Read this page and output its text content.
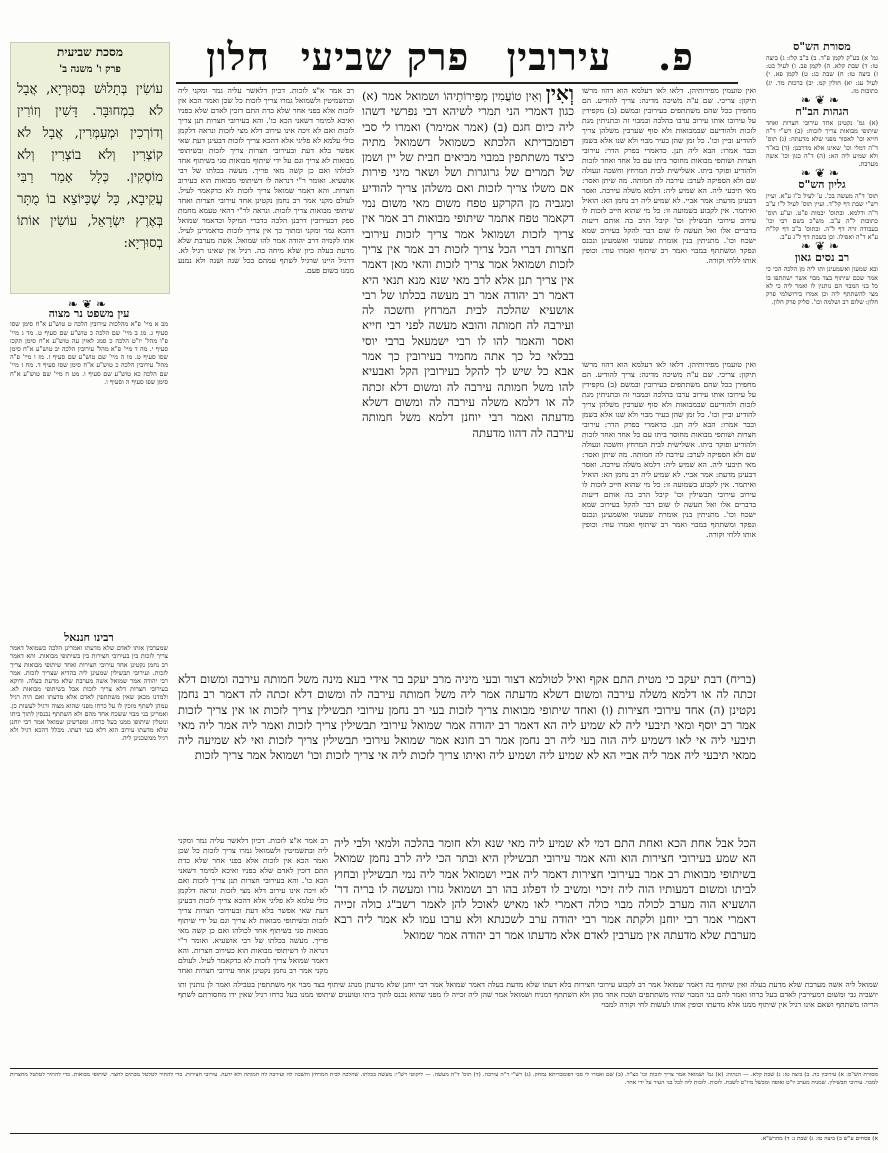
חלון פרק שביעי עירובין	פ.	מסורת הש"ס

גמ' א) בע"ק לקמן פ"ד. ב) ב"ב קלז: ג) ביצה טז: ד) שבת קלא. ה) לקמן פב. ו) לעיל כט: ז) ביצה טז: ח) שבת כג: ט) לקמן פא. י) לעיל עג: יא) חולין קמ. יב) ברכות מד. יג) כתובות מז.

❧❦❧
הגהות הב"ח

(א) גמ' נקטינן אחד עירובי חצרות ואחד שיתופי מבואות צריך לזכות: (ב) רש"י ד"ה חייא וכו' לאסור מפני שלא מדעתה: (ג) תוס' ד"ה דמלי וכו' שאינו אלא מדרבנן: (ד) בא"ד ולא שמיע ליה הא: (ה) ד"ה כגון וכו' אשה מערבת.

❧❦❧
גליון הש"ס

תוס' ד"ה מעשה בכ'. ע' לעיל כ"ו ע"א. ועיין רש"י שבת דף קל"ד. ועיין תוס' לעיל ל"ו ע"ב ד"ה ודלמא. ובתוס' יבמות פ"ט. וע"ע תוס' כתובות ל"ה ע"ב. מש"כ בשם רבי וכו' בעבודה זרה דף ל"ה. ובתוס' ב"ב דף קל"ח ע"א ד"ה ואפילו. וכן בשבת דף ל"ג ע"ב.

❧❦❧
רב נסים גאון

ובא שמעון ואשמעינן ותו ליה מן הלכה הכי כי אמר שכם שיתוף בצד מבוי אשר ישתתפו בו כל בני המבוי הם נותנין לו ואמר ליה כי לא מצי להשתתף ליה וכן אמרו בירושלמי פרק חלון: שלום רב ושלמה וכו'. סליק פרק חלון.

ואין טועמין מפירותיהן. דלאו לאו דעלמא הוא דהוו מרשו תיקון: צריכי. שם ע"ה משיכה מדינה: צריך להודיע. הם מחפירן ככל שהם משתתפים בעירובין ובמשם (ב) מקפידין על עירובו אותו עירוב ערבו בהלכה ובמבוי זה ובתניתין מנת לזכות ולהודיעם שבמבואות ולא סוף שערבין משלהן צריך להודיע וביין וכו'. כל זמן שהן בעיר מבוי ולא שנו אלא בשמן וכבר אמרו: הבא ליה תנן. כדאמרי בפרק הדר: עירובי חצרות ושותפי מבואות מחוסר ביתו עם כל אחד ואחד לזכות ולהודיע ופוקר ביתו. אשלישית לבית המרחץ וחשכה ונעולה שם ולא הספיקה לערב: עירבה לה חמותה. מה שיתן ואסר: מאי תיבעי ליה. הא שמיע ליה: דלמא משלה עירבה. ואסר דבעינן מדעת: אמר אביי. לא שמיע ליה רב נחמן הא: הואיל ואיתמר. אין לקבוע בשמועה זו: כל מי שהוא חייב לזכות לו עירוב עירובי תבשילין וכו' קיבל הרב בה אותם דיעות בדברים אלו ואל תעשה לו שום דבר להקל בעירוב שמא ישכח וכו'. מתניתין בנין אומרת שמעוני ואשמעינן ונכנס ונפקד ומשתתף במבוי ואמר רב שיתוף ואמרו עוד: וכופין אותו ללחי וקורה.

רב אמר א"צ לזכות. דכיון דלאשר עליה גמר ומקני ליה ובתשמיטין ולשמואל גמרו צריך לזכות כל שכן ואמר הכא אין לזכות אלא בפני אחר שלא כדת התם דזכין לאדם שלא בפניו ואיכא למימר דשאני הכא כו'. והא בעירובי חצרות תנן צריך לזכות ואם לא זיכה אינו עירוב דלא מצי לזכות ונראה דלקמן כולי עלמא לא פליגי אלא דהכא צריך לזכות דבעינן דעת שאי אפשר בלא דעת ובעירובי חצרות צריך לזכות ובשיתופי מבואות לא צריך וגם על ידי שיתוף מבואות סגי בשיתוף אחד לכולהו ואם כן קשה מאי פריך. מעשה בכלתו של רבי אושעיא. ואומר ר"י דנראה לו דשיתופי מבואות הוא כעירוב חצרות. והא דאמר שמואל צריך לזכות לא כדקאמר לעיל. לעולם מקני אמר רב נחמן נקטינן אחד עירובי חצרות ואחד שיתופי מבואות צריך לזכות. ונראה לר"י דהאי טעמא מחמת ספק דבעירובין דרבנן הלכה כדברי המיקל וכדאמר שמואל דהכא גמר ומקני ומתוך כך אין צריך לזכות כדאמרינן לעיל. אתו לקמיה דרב יהודה אמר להו שמואל. אשה מערבת שלא מדעת בעלה כיון שלא מיחה בה. רגיל אין שאינו רגיל לא. דרגיל היינו שרגיל לשתף עמהם בכל שנה ושנה ולא נמנע ממנו בשום פעם.

וְאִין וְאִין טוֹעֲמִין מְפִירוֹתֵיהוֹ ושמואל אמר (א) כגון דאמרי הני תמרי לשיהא דבי נפרשי דשהו ליה כיום חגם (ב) (אמר אמימר) ואמרו לי סבי דפומבדיתא הלכתא כשמואל דשמואל מתיה כיצד משתתפין במבוי מביאים חבית של יין ושמן של תמרים של גרוגרות ושל ושאר מיני פירות אם משלו צריך לזכות ואם משלהן צריך להודיע ומגביה מן הקרקע טפח משום מאי משום נמי דקאמר טפח אתמר שיתופי מבואות רב אמר אין צריך לזכות ושמואל אמר צריך לזכות עירובי חצרות דברי הכל צריך לזכות רב אמר אין צריך לזכות ושמואל אמר צריך לזכות והאי מאן דאמר אין צריך תנן אלא לרב מאי שנא מנא תנאי היא דאמר רב יהודה אמר רב מעשה בכלתו של רבי אושעיא שהלכה לבית המרחץ וחשכה לה ועירבה לה חמותה והובא מעשה לפני רבי חייא ואסר והאמר להו לו רבי ישמעאל ברבי יוסי בבלאי כל כך אתה מחמיר בעירובין כך אמר אבא כל שיש לך להקל בעירובין הקל ואבעיא להו משל חמותה עירבה לה ומשום דלא זכתה לה או דלמא משלה עירבה לה ומשום דשלא מדעתה ואמר רבי יוחנן דלמא משל חמותה עירבה לה דהוו מדעתה

ואין טועמין מפירותיהן. דלאו לאו דעלמא הוא דהוו מרשו תיקון: צריכי. שם ע"ה משיכה מדינה: צריך להודיע. הם מחפירן ככל שהם משתתפים בעירובין ובמשם (ב) מקפידין על עירובו אותו עירוב ערבו בהלכה ובמבוי זה ובתניתין מנת לזכות ולהודיעם שבמבואות ולא סוף שערבין משלהן צריך להודיע וביין וכו'. כל זמן שהן בעיר מבוי ולא שנו אלא בשמן וכבר אמרו: הבא ליה תנן. כדאמרי בפרק הדר: עירובי חצרות ושותפי מבואות מחוסר ביתו עם כל אחד ואחד לזכות ולהודיע ופוקר ביתו. אשלישית לבית המרחץ וחשכה ונעולה שם ולא הספיקה לערב: עירבה לה חמותה. מה שיתן ואסר: מאי תיבעי ליה. הא שמיע ליה: דלמא משלה עירבה. ואסר דבעינן מדעת: אמר אביי. לא שמיע ליה רב נחמן הא: הואיל ואיתמר. אין לקבוע בשמועה זו: כל מי שהוא חייב לזכות לו עירוב עירובי תבשילין וכו' קיבל הרב בה אותם דיעות בדברים אלו ואל תעשה לו שום דבר להקל בעירוב שמא ישכח וכו'. מתניתין בנין אומרת שמעוני ואשמעינן ונכנס ונפקד ומשתתף במבוי ואמר רב שיתוף ואמרו עוד: וכופין אותו ללחי וקורה.

(בריח) דבת יעקב כי מטית התם אקף ואיל לטולמא דצור ובעי מיניה מרב יעקב בר אידי בעא מינה משל חמותה עירבה ומשום דלא זכתה לה או דלמא משלה עירבה ומשום דשלא מדעתה אמר ליה משל חמותה עירבה לה ומשום דלא זכתה לה דאמר רב נחמן נקטינן (ה) אחד עירובי חצירות (ו) ואחד שיתופי מבואות צריך לזכות בעי רב נחמן עירובי תבשילין צריך לזכות או אין צריך לזכות אמר רב יוסף ומאי תיבעי ליה לא שמיע ליה הא דאמר רב יהודה אמר שמואל עירובי תבשילין צריך לזכות ואמר ליה אמר ליה מאי תיבעי ליה אי לאו דשמיע ליה הוה בעי ליה רב נחמן אמר רב חונא אמר שמואל עירובי תבשילין צריך לזכות ואי לא שמיעה ליה ממאי תיבעי ליה אמר ליה אביי הא לא שמיע ליה ושמיע ליה ואיתו צריך לזכות ליה אי צריך לזכות וכו' ושמואל אמר צריך לזכות

רב אמר א"צ לזכות. דכיון דלאשר עליה גמר ומקני ליה ובתשמיטין ולשמואל גמרו צריך לזכות כל שכן ואמר הכא אין לזכות אלא בפני אחר שלא כדת התם דזכין לאדם שלא בפניו ואיכא למימר דשאני הכא כו'. והא בעירובי חצרות תנן צריך לזכות ואם לא זיכה אינו עירוב דלא מצי לזכות ונראה דלקמן כולי עלמא לא פליגי אלא דהכא צריך לזכות דבעינן דעת שאי אפשר בלא דעת ובעירובי חצרות צריך לזכות ובשיתופי מבואות לא צריך וגם על ידי שיתוף מבואות סגי בשיתוף אחד לכולהו ואם כן קשה מאי פריך. מעשה בכלתו של רבי אושעיא. ואומר ר"י דנראה לו דשיתופי מבואות הוא כעירוב חצרות. והא דאמר שמואל צריך לזכות לא כדקאמר לעיל. לעולם מקני אמר רב נחמן נקטינן אחד עירובי חצרות ואחד

הכל אבל אחת הכא ואחת התם דמי לא שמיע ליה מאי שנא ולא חומר בהלכה ולמאי ולבי ליה הא שמע בעירובי חצירות הוא והא אמר עירובי תבשילין היא ובתר הכי ליה לרב נחמן שמואל בשיתופי מבואות רב אמר בעירובי חצירות דאמר ליה אביי ושמואל אמר ליה נמי תבשילין ובחוץ לביתו ומשום דמעותיו הוה ליה זיכוי ומשיב לו דפלוג בהו רב ושמואל גזרו ומעשה לו בריה דר' הושעיא הוה מערב לכולה מבוי כולה דאמרי לאו מאיש לאוכל להן לאמר רשב"ג כולה זכייה דאמרי אמר רבי יוחנן ולקתה אמר רבי יהודה ערב לשכנתא ולא ערבו עמו לא אמר ליה רבא מערבת שלא מדעתה אין מערבין לאדם אלא מדעתו אמר רב יהודה אמר שמואל

שמואל ליה אשה מערבת שלא מדעת בעלה ואין שיתוף בה דאמר שמואל אמר רב לקבוע עירובי חצירות בלא דעתו שלא מדעת בעלה דאמר שמואל אמר רבי יוחנן שלא מדעתן מנהג שיתוף בצד מבוי אף משתתפין בטבילה ואמר לן נותנין ותו יושביה גבי ומשום דמעירבין לאדם בעל כרחו ואמר להם בני המבוי שהיו משתתפים ושכח אחד מהן ולא השתתף דמניח ושמואל אמר שהן ליה זכייה לו מפני שהוא נכנס לתוך ביתו וטוענים שיתופו ממנו בעל כרחו רגיל שאין ידו מחסורתם לשתף הריהו משתתף ושאם אינו רגיל אין שיתוף ממנו אלא מדעתו וכופין אותו לעשות לחי וקורה למבוי

מסכת שביעית
פרק ו' משנה ב'

עוֹשִׂין בְּתָלוּשׁ בְּסוּרְיָא, אֲבָל לֹא בִמְחוּבָּר. דָּשִׁין וְזוֹרִין וְדוֹרְכִין וּמְעַמְּרִין, אֲבָל לֹא קוֹצְרִין וְלֹא בוֹצְרִין וְלֹא מוֹסְקִין. כְּלָל אָמַר רַבִּי עֲקִיבָא, כָּל שֶׁכַּיּוֹצֵא בוֹ מֻתָּר בְּאֶרֶץ יִשְׂרָאֵל, עוֹשִׂין אוֹתוֹ בְסוּרְיָא:

❧❦❧
עין משפט נר מצוה

מב א מיי' פ"א מהלכות עירובין הלכה ט טוש"ע א"ח סימן שסו סעיף ג. מג ב מיי' שם הלכה כ טוש"ע שם סעיף ט. מד ג מיי' פ"ו מהל' יו"ט הלכה כ סמג לאוין עה טוש"ע א"ח סימן תקכז סעיף י. מה ד מיי' פ"א מהל' עירובין הלכה יב טוש"ע א"ח סימן שסו סעיף ט. מו ה מיי' שם טוש"ע שם סעיף ז. מז ו מיי' פ"ה מהל' עירובין הלכה כ טוש"ע א"ח סימן שסו סעיף ד. מח ז מיי' שם הלכה כא טוש"ע שם סעיף ו. מט ח מיי' שם טוש"ע א"ח סימן שפו סעיף ה וסעיף ו.

רבינו חננאל

שמערבין אותו לאדם שלא מדעתו ואמרינן הלכה כשמואל דאמר צריך לזכות בין בעירובי חצירות בין בשיתופי מבואות. והא דאמר רב נחמן נקטינן אחד עירובי חצירות ואחד שיתופי מבואות צריך לזכות. ועירובי תבשילין שמעינן ליה בהדיא שצריך לזכות. אמר רבי יהודה אמר שמואל אשה מערבת שלא מדעת בעלה. ודוקא בעירובי חצרות דלא צריך לזכות אבל בשיתופי מבואות לא. ולמדנו מכאן שאין משתתפין לאדם אלא מדעתו ואם היה רגיל עמהן לשתף מזכין לו על כרחו מפני שהוא מצוה ורגיל לעשות כן. ואמרינן בני מבוי ששכח אחד מהם ולא השתתף נכנסין לתוך ביתו ונוטלין שיתופו ממנו בעל כרחו. ומפרשינן שמואל אמר רבי יוחנן שלא מדעתו עירוב הוא דלא בעי דעתו. מכלל דהכא רגיל ולא רגיל ממשכנינן ליה.

מסורת הש"ס: א) עירובין כה. ב) ביצה טז: ג) שבת קלא. — הגהות: (א) גמ' ושמואל אמר צריך לזכות וכו' כצ"ל. (ב) שם ואמרו לי סבי דפומבדיתא נמחק. (ג) רש"י ד"ה עירבה. (ד) תוס' ד"ה מעשה. — ליקוטי רש"י: מעשה בכלתו. שהלכה לבית המרחץ וחשכה לה ועירבה לה חמותה ולא ידעה. עירובי חצירות. כדי להתיר לטלטל מבתים לחצר. שיתופי מבואות. כדי להתיר לטלטל מחצרות למבוי. עירובי תבשילין. שמניח מערב יו"ט ואופה ומבשל מיו"ט לשבת. לזכות. לזכות ליה לכל בני העיר על ידי אחר.

א) פסחים ע"ש ב) ביצה טז: ג) שבת נ: ד) מהרש"א.
